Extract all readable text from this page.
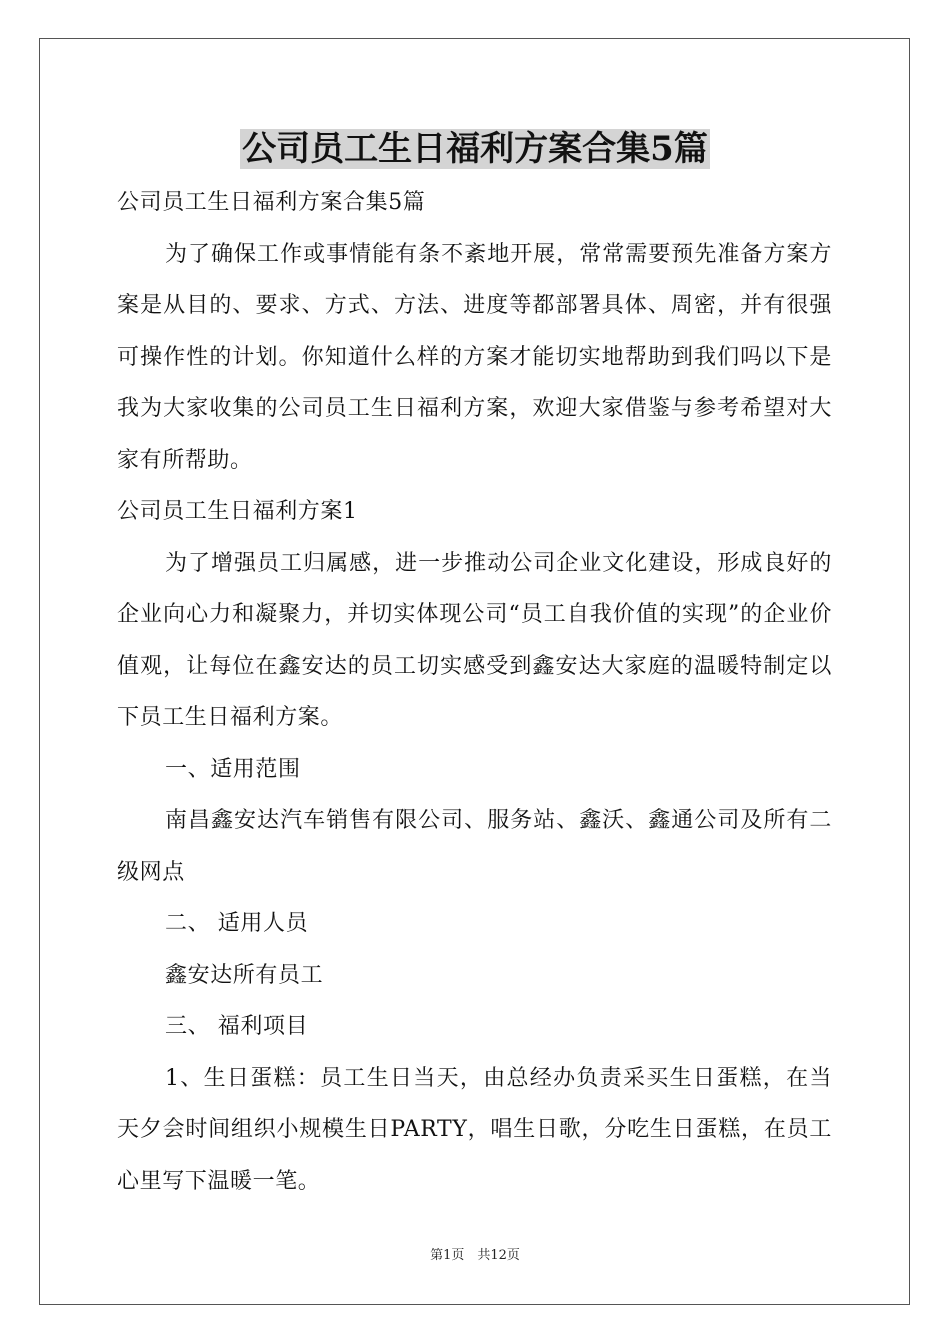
公司员工生日福利方案合集5篇

公司员工生日福利方案合集5篇

为了确保工作或事情能有条不紊地开展，常常需要预先准备方案方案是从目的、要求、方式、方法、进度等都部署具体、周密，并有很强可操作性的计划。你知道什么样的方案才能切实地帮助到我们吗以下是我为大家收集的公司员工生日福利方案，欢迎大家借鉴与参考希望对大家有所帮助。

公司员工生日福利方案1

为了增强员工归属感，进一步推动公司企业文化建设，形成良好的企业向心力和凝聚力，并切实体现公司“员工自我价值的实现”的企业价值观，让每位在鑫安达的员工切实感受到鑫安达大家庭的温暖特制定以下员工生日福利方案。

一、适用范围

南昌鑫安达汽车销售有限公司、服务站、鑫沃、鑫通公司及所有二级网点

二、 适用人员

鑫安达所有员工

三、 福利项目

1、生日蛋糕：员工生日当天，由总经办负责采买生日蛋糕，在当天夕会时间组织小规模生日PARTY，唱生日歌，分吃生日蛋糕，在员工心里写下温暖一笔。

第1页　共12页
